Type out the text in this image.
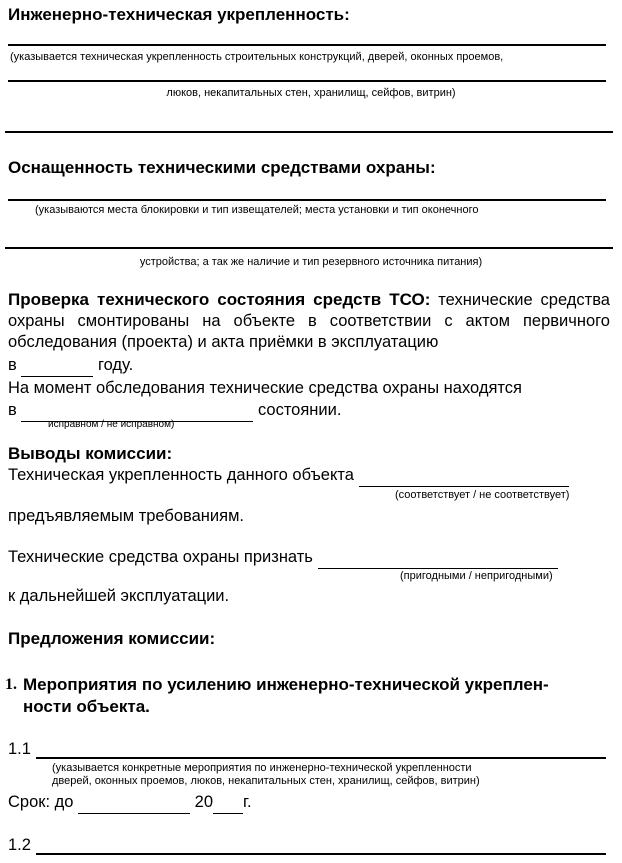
Инженерно-техническая укрепленность:
(указывается техническая укрепленность строительных конструкций, дверей, оконных проемов,
люков, некапитальных стен, хранилищ, сейфов, витрин)
Оснащенность техническими средствами охраны:
(указываются места блокировки и тип извещателей; места установки и тип оконечного
устройства; а так же наличие и тип резервного источника питания)
Проверка технического состояния средств ТСО: технические средства охраны смонтированы на объекте в соответствии с актом первичного обследования (проекта) и акта приёмки в эксплуатацию
в	году.
На момент обследования технические средства охраны находятся
в	состоянии.
исправном / не исправном)
Выводы комиссии:
Техническая укрепленность данного объекта
(соответствует / не соответствует)
предъявляемым требованиям.
Технические средства охраны признать
(пригодными / непригодными)
к дальнейшей эксплуатации.
Предложения комиссии:
1. Мероприятия по усилению инженерно-технической укреплен-
ности объекта.
1.1
(указывается конкретные мероприятия по инженерно-технической укрепленности
дверей, оконных проемов, люков, некапитальных стен, хранилищ, сейфов, витрин)
Срок: до	20 г.
1.2
